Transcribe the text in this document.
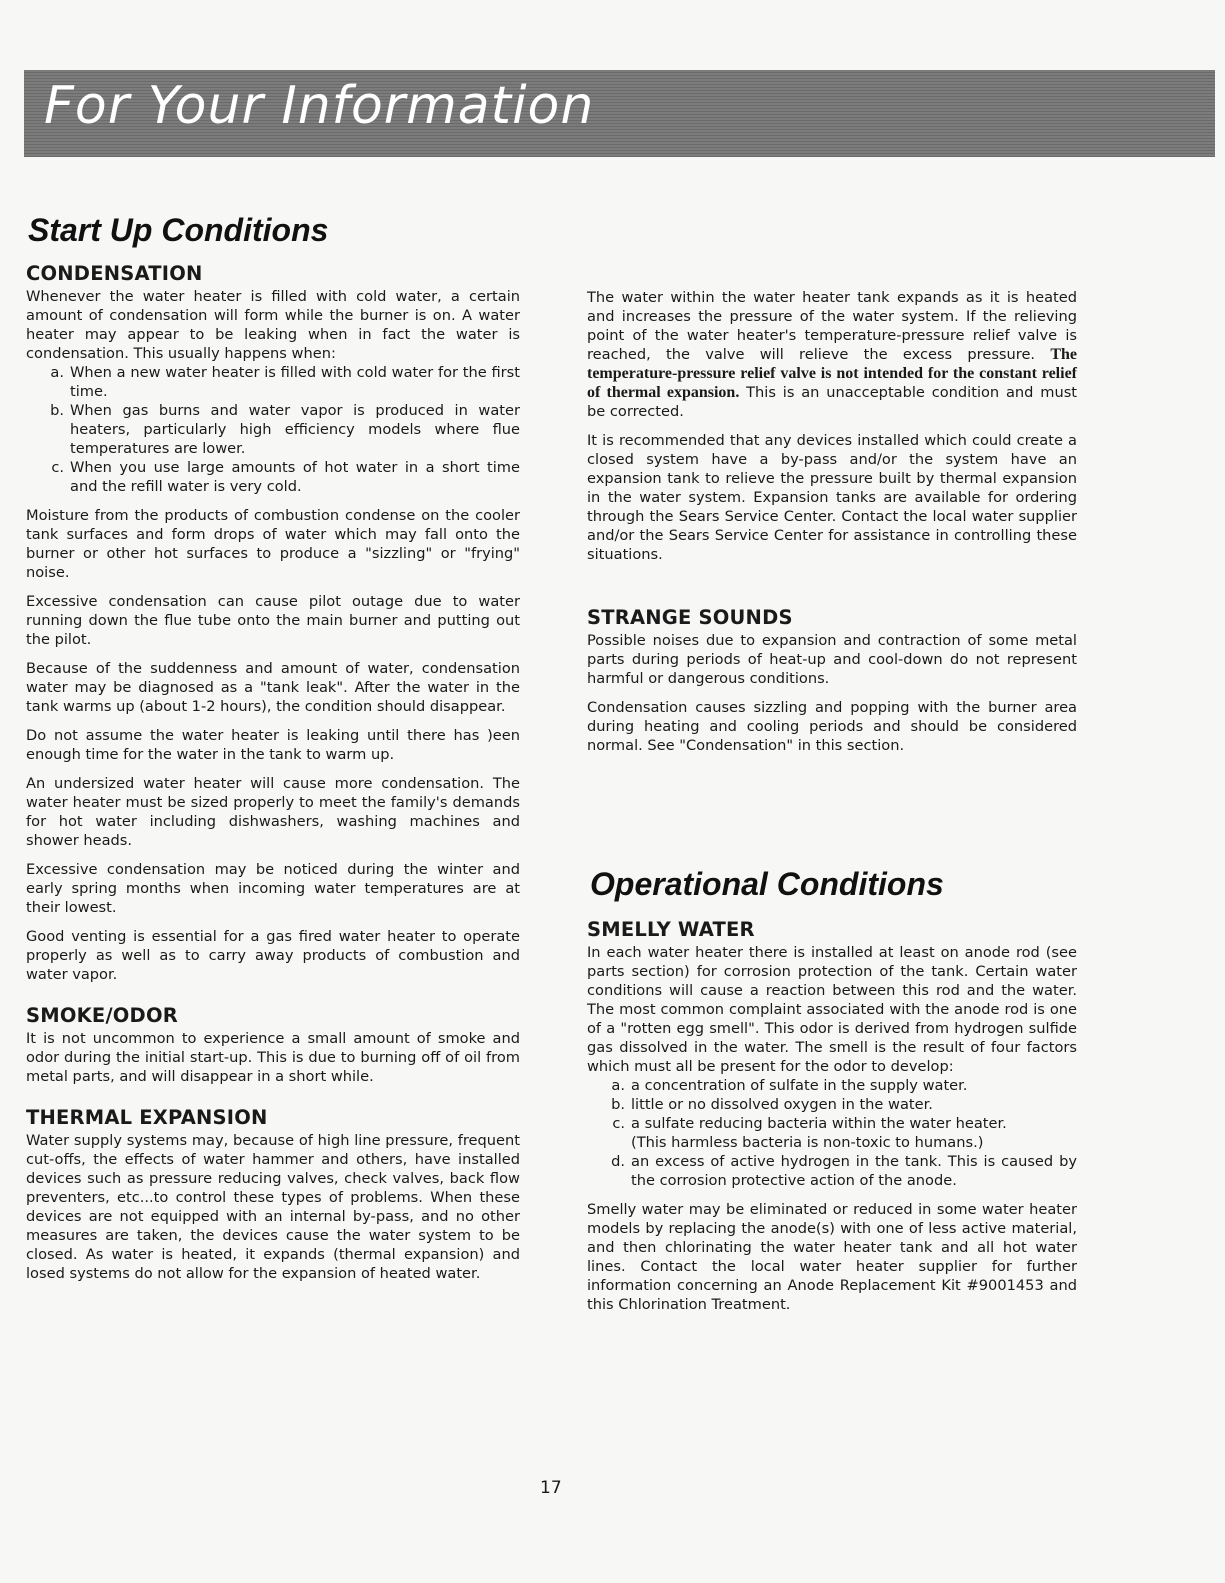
For Your Information
Start Up Conditions
CONDENSATION

Whenever the water heater is filled with cold water, a certain amount of condensation will form while the burner is on. A water heater may appear to be leaking when in fact the water is condensation. This usually happens when:

a. When a new water heater is filled with cold water for the first time.
b. When gas burns and water vapor is produced in water heaters, particularly high efficiency models where flue temperatures are lower.
c. When you use large amounts of hot water in a short time and the refill water is very cold.

Moisture from the products of combustion condense on the cooler tank surfaces and form drops of water which may fall onto the burner or other hot surfaces to produce a "sizzling" or "frying" noise.

Excessive condensation can cause pilot outage due to water running down the flue tube onto the main burner and putting out the pilot.

Because of the suddenness and amount of water, condensation water may be diagnosed as a "tank leak". After the water in the tank warms up (about 1-2 hours), the condition should disappear.

Do not assume the water heater is leaking until there has )een enough time for the water in the tank to warm up.

An undersized water heater will cause more condensation. The water heater must be sized properly to meet the family's demands for hot water including dishwashers, washing machines and shower heads.

Excessive condensation may be noticed during the winter and early spring months when incoming water temperatures are at their lowest.

Good venting is essential for a gas fired water heater to operate properly as well as to carry away products of combustion and water vapor.

SMOKE/ODOR

It is not uncommon to experience a small amount of smoke and odor during the initial start-up. This is due to burning off of oil from metal parts, and will disappear in a short while.

THERMAL EXPANSION

Water supply systems may, because of high line pressure, frequent cut-offs, the effects of water hammer and others, have installed devices such as pressure reducing valves, check valves, back flow preventers, etc...to control these types of problems. When these devices are not equipped with an internal by-pass, and no other measures are taken, the devices cause the water system to be closed. As water is heated, it expands (thermal expansion) and losed systems do not allow for the expansion of heated water.

The water within the water heater tank expands as it is heated and increases the pressure of the water system. If the relieving point of the water heater's temperature-pressure relief valve is reached, the valve will relieve the excess pressure. The temperature-pressure relief valve is not intended for the constant relief of thermal expansion. This is an unacceptable condition and must be corrected.

It is recommended that any devices installed which could create a closed system have a by-pass and/or the system have an expansion tank to relieve the pressure built by thermal expansion in the water system. Expansion tanks are available for ordering through the Sears Service Center. Contact the local water supplier and/or the Sears Service Center for assistance in controlling these situations.

STRANGE SOUNDS

Possible noises due to expansion and contraction of some metal parts during periods of heat-up and cool-down do not represent harmful or dangerous conditions.

Condensation causes sizzling and popping with the burner area during heating and cooling periods and should be considered normal. See "Condensation" in this section.

Operational Conditions
SMELLY WATER

In each water heater there is installed at least on anode rod (see parts section) for corrosion protection of the tank. Certain water conditions will cause a reaction between this rod and the water. The most common complaint associated with the anode rod is one of a "rotten egg smell". This odor is derived from hydrogen sulfide gas dissolved in the water. The smell is the result of four factors which must all be present for the odor to develop:

a. a concentration of sulfate in the supply water.
b. little or no dissolved oxygen in the water.
c. a sulfate reducing bacteria within the water heater.
(This harmless bacteria is non-toxic to humans.)
d. an excess of active hydrogen in the tank. This is caused by the corrosion protective action of the anode.

Smelly water may be eliminated or reduced in some water heater models by replacing the anode(s) with one of less active material, and then chlorinating the water heater tank and all hot water lines. Contact the local water heater supplier for further information concerning an Anode Replacement Kit #9001453 and this Chlorination Treatment.

17
